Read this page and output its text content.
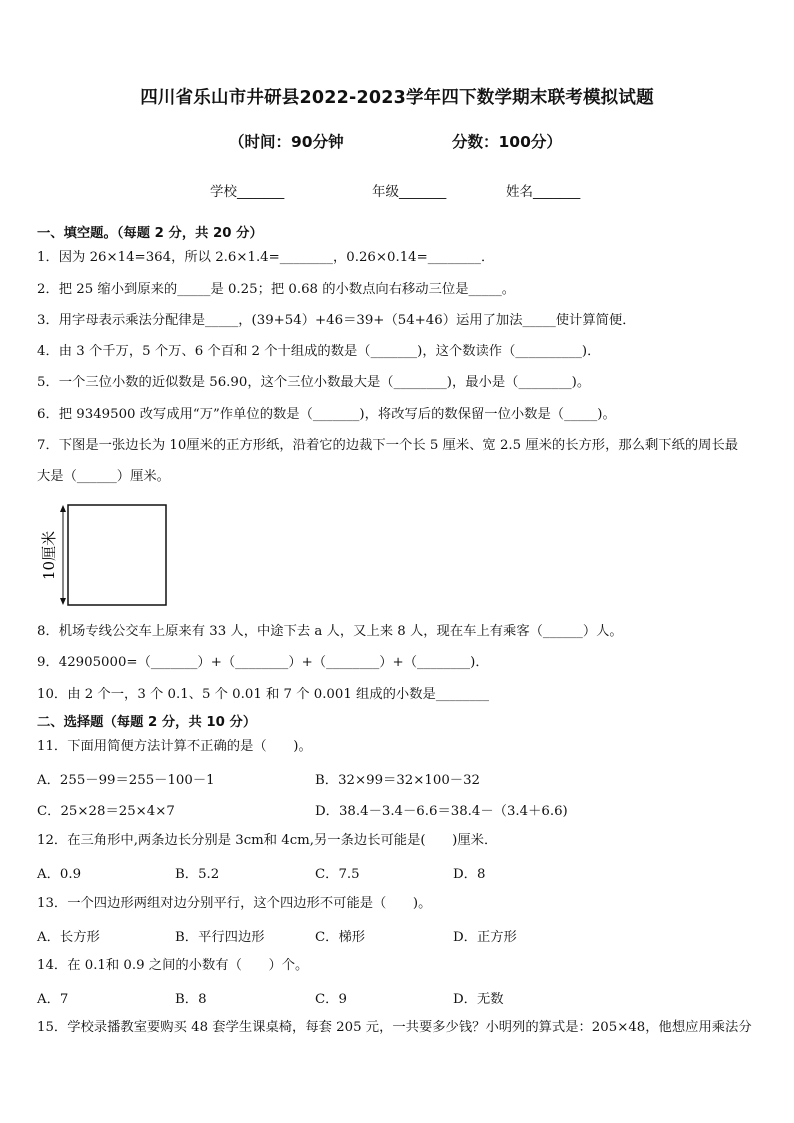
四川省乐山市井研县2022-2023学年四下数学期末联考模拟试题
（时间：90分钟	分数：100分）
学校_______	年级_______	姓名_______
一、填空题。（每题 2 分，共 20 分）
1．因为 26×14=364，所以 2.6×1.4=________，0.26×0.14=________．
2．把 25 缩小到原来的_____是 0.25；把 0.68 的小数点向右移动三位是_____。
3．用字母表示乘法分配律是_____，(39+54）+46＝39+（54+46）运用了加法_____使计算简便．
4．由 3 个千万，5 个万、6 个百和 2 个十组成的数是（_______)，这个数读作（__________)．
5．一个三位小数的近似数是 56.90，这个三位小数最大是（________)，最小是（________)。
6．把 9349500 改写成用“万”作单位的数是（_______)，将改写后的数保留一位小数是（_____)。
7．下图是一张边长为 10厘米的正方形纸，沿着它的边裁下一个长 5 厘米、宽 2.5 厘米的长方形，那么剩下纸的周长最
大是（______）厘米。
10厘米
8．机场专线公交车上原来有 33 人，中途下去 a 人，又上来 8 人，现在车上有乘客（______）人。
9．42905000=（_______）+（________）+（________）+（________)．
10．由 2 个一，3 个 0.1、5 个 0.01 和 7 个 0.001 组成的小数是________
二、选择题（每题 2 分，共 10 分）
11．下面用简便方法计算不正确的是（　　)。
A．255－99＝255－100－1	B．32×99＝32×100－32
C．25×28＝25×4×7	D．38.4－3.4－6.6＝38.4－（3.4＋6.6)
12．在三角形中,两条边长分别是 3cm和 4cm,另一条边长可能是(　　)厘米．
A．0.9	B．5.2	C．7.5	D．8
13．一个四边形两组对边分别平行，这个四边形不可能是（　　)。
A．长方形	B．平行四边形	C．梯形	D．正方形
14．在 0.1和 0.9 之间的小数有（　　）个。
A．7	B．8	C．9	D．无数
15．学校录播教室要购买 48 套学生课桌椅，每套 205 元，一共要多少钱？小明列的算式是：205×48，他想应用乘法分
